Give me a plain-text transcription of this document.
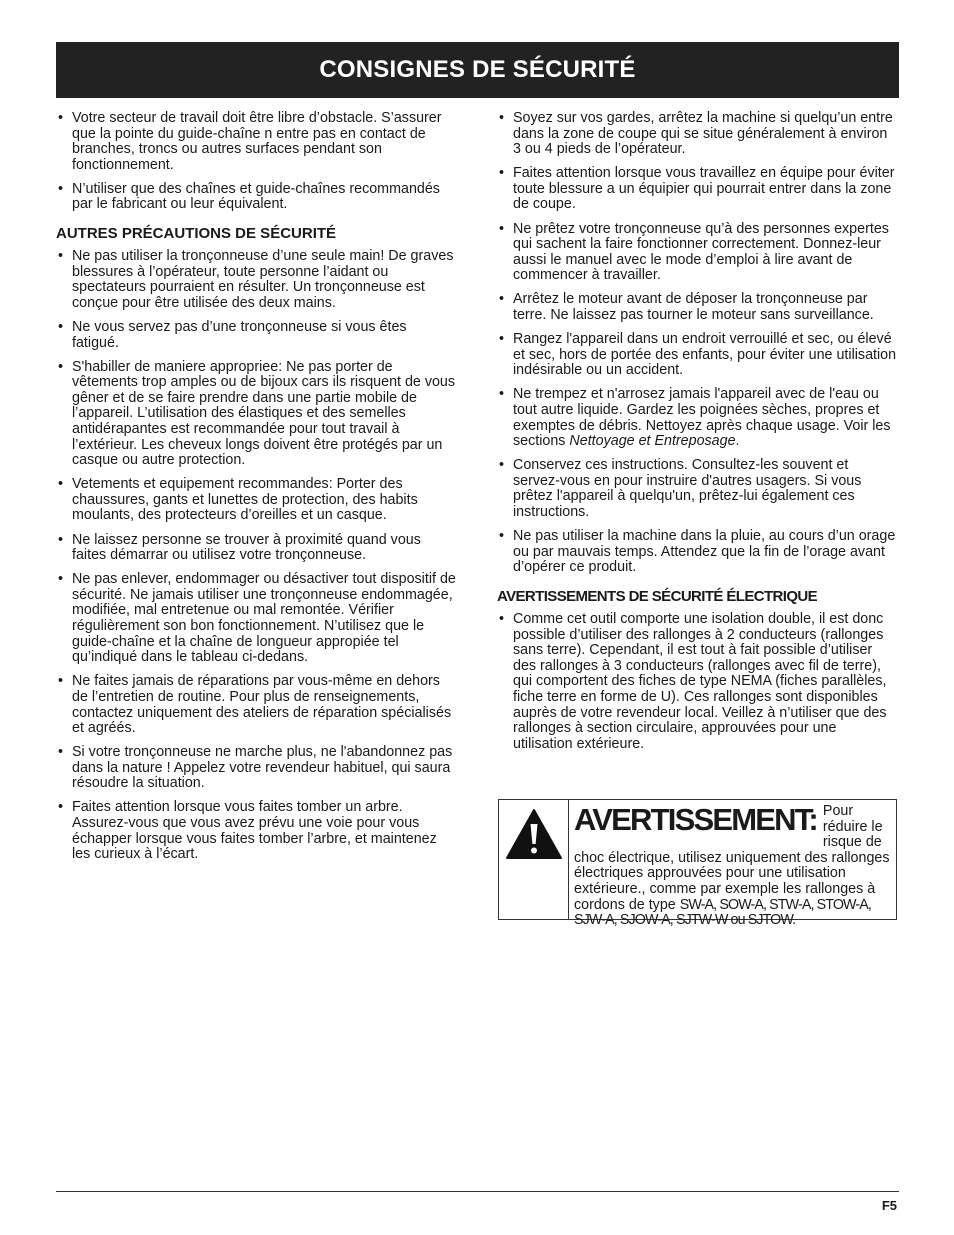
CONSIGNES DE SÉCURITÉ
• Votre secteur de travail doit être libre d’obstacle. S’assurer que la pointe du guide-chaîne n entre pas en contact de branches, troncs ou autres surfaces pendant son fonctionnement.
• N’utiliser que des chaînes et guide-chaînes recommandés par le fabricant ou leur équivalent.
AUTRES PRÉCAUTIONS DE SÉCURITÉ
• Ne pas utiliser la tronçonneuse d’une seule main! De graves blessures à l’opérateur, toute personne l’aidant ou spectateurs pourraient en résulter. Un tronçonneuse est conçue pour être utilisée des deux mains.
• Ne vous servez pas d’une tronçonneuse si vous êtes fatigué.
• S'habiller de maniere appropriee: Ne pas porter de vêtements trop amples ou de bijoux cars ils risquent de vous gêner et de se faire prendre dans une partie mobile de l’appareil. L’utilisation des élastiques et des semelles antidérapantes est recommandée pour tout travail à l’extérieur. Les cheveux longs doivent être protégés par un casque ou autre protection.
• Vetements et equipement recommandes: Porter des chaussures, gants et lunettes de protection, des habits moulants, des protecteurs d’oreilles et un casque.
• Ne laissez personne se trouver à proximité quand vous faites démarrar ou utilisez votre tronçonneuse.
• Ne pas enlever, endommager ou désactiver tout dispositif de sécurité. Ne jamais utiliser une tronçonneuse endommagée, modifiée, mal entretenue ou mal remontée. Vérifier régulièrement son bon fonctionnement. N’utilisez que le guide-chaîne et la chaîne de longueur appropiée tel qu’indiqué dans le tableau ci-dedans.
• Ne faites jamais de réparations par vous-même en dehors de l’entretien de routine. Pour plus de renseignements, contactez uniquement des ateliers de réparation spécialisés et agréés.
• Si votre tronçonneuse ne marche plus, ne l'abandonnez pas dans la nature ! Appelez votre revendeur habituel, qui saura résoudre la situation.
• Faites attention lorsque vous faites tomber un arbre. Assurez-vous que vous avez prévu une voie pour vous échapper lorsque vous faites tomber l’arbre, et maintenez les curieux à l’écart.
• Soyez sur vos gardes, arrêtez la machine si quelqu’un entre dans la zone de coupe qui se situe généralement à environ 3 ou 4 pieds de l’opérateur.
• Faites attention lorsque vous travaillez en équipe pour éviter toute blessure a un équipier qui pourrait entrer dans la zone de coupe.
• Ne prêtez votre tronçonneuse qu’à des personnes expertes qui sachent la faire fonctionner correctement. Donnez-leur aussi le manuel avec le mode d’emploi à lire avant de commencer à travailler.
• Arrêtez le moteur avant de déposer la tronçonneuse par terre. Ne laissez pas tourner le moteur sans surveillance.
• Rangez l'appareil dans un endroit verrouillé et sec, ou élevé et sec, hors de portée des enfants, pour éviter une utilisation indésirable ou un accident.
• Ne trempez et n'arrosez jamais l'appareil avec de l'eau ou tout autre liquide. Gardez les poignées sèches, propres et exemptes de débris. Nettoyez après chaque usage. Voir les sections Nettoyage et Entreposage.
• Conservez ces instructions. Consultez-les souvent et servez-vous en pour instruire d'autres usagers. Si vous prêtez l'appareil à quelqu'un, prêtez-lui également ces instructions.
• Ne pas utiliser la machine dans la pluie, au cours d’un orage ou par mauvais temps. Attendez que la fin de l’orage avant d’opérer ce produit.
AVERTISSEMENTS DE SÉCURITÉ ÉLECTRIQUE
• Comme cet outil comporte une isolation double, il est donc possible d’utiliser des rallonges à 2 conducteurs (rallonges sans terre). Cependant, il est tout à fait possible d’utiliser des rallonges à 3 conducteurs (rallonges avec fil de terre), qui comportent des fiches de type NEMA (fiches parallèles, fiche terre en forme de U). Ces rallonges sont disponibles auprès de votre revendeur local. Veillez à n’utiliser que des rallonges à section circulaire, approuvées pour une utilisation extérieure.
AVERTISSEMENT: Pour réduire le risque de choc électrique, utilisez uniquement des rallonges électriques approuvées pour une utilisation extérieure., comme par exemple les rallonges à cordons de type SW-A, SOW-A, STW-A, STOW-A, SJW-A, SJOW-A, SJTW-W ou SJTOW.
F5
